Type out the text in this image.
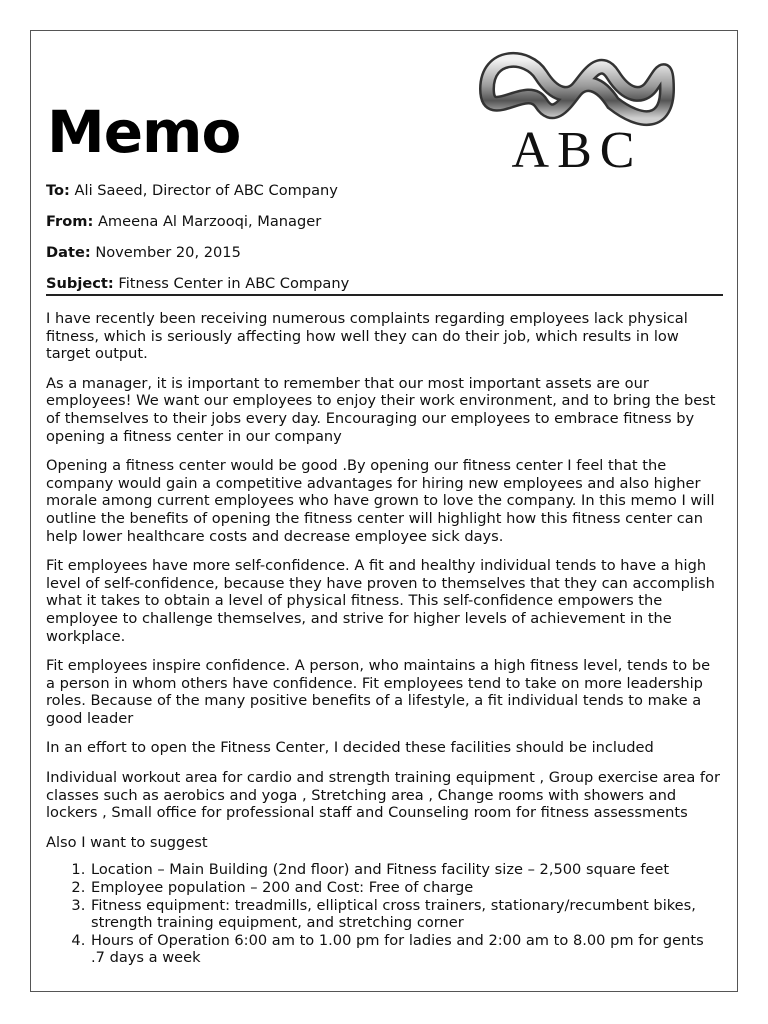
Memo	ABC
To: Ali Saeed, Director of ABC Company
From: Ameena Al Marzooqi, Manager
Date: November 20, 2015
Subject: Fitness Center in ABC Company

I have recently been receiving numerous complaints regarding employees lack physical fitness, which is seriously affecting how well they can do their job, which results in low target output.

As a manager, it is important to remember that our most important assets are our employees! We want our employees to enjoy their work environment, and to bring the best of themselves to their jobs every day. Encouraging our employees to embrace fitness by opening a fitness center in our company

Opening a fitness center would be good .By opening our fitness center I feel that the company would gain a competitive advantages for hiring new employees and also higher morale among current employees who have grown to love the company. In this memo I will outline the benefits of opening the fitness center will highlight how this fitness center can help lower healthcare costs and decrease employee sick days.

Fit employees have more self-confidence. A fit and healthy individual tends to have a high level of self-confidence, because they have proven to themselves that they can accomplish what it takes to obtain a level of physical fitness. This self-confidence empowers the employee to challenge themselves, and strive for higher levels of achievement in the workplace.

Fit employees inspire confidence. A person, who maintains a high fitness level, tends to be a person in whom others have confidence. Fit employees tend to take on more leadership roles. Because of the many positive benefits of a lifestyle, a fit individual tends to make a good leader

In an effort to open the Fitness Center, I decided these facilities should be included

Individual workout area for cardio and strength training equipment , Group exercise area for classes such as aerobics and yoga , Stretching area , Change rooms with showers and lockers , Small office for professional staff and Counseling room for fitness assessments

Also I want to suggest

1. Location – Main Building (2nd floor) and Fitness facility size – 2,500 square feet
2. Employee population – 200 and Cost: Free of charge
3. Fitness equipment: treadmills, elliptical cross trainers, stationary/recumbent bikes, strength training equipment, and stretching corner
4. Hours of Operation 6:00 am to 1.00 pm for ladies and 2:00 am to 8.00 pm for gents .7 days a week
